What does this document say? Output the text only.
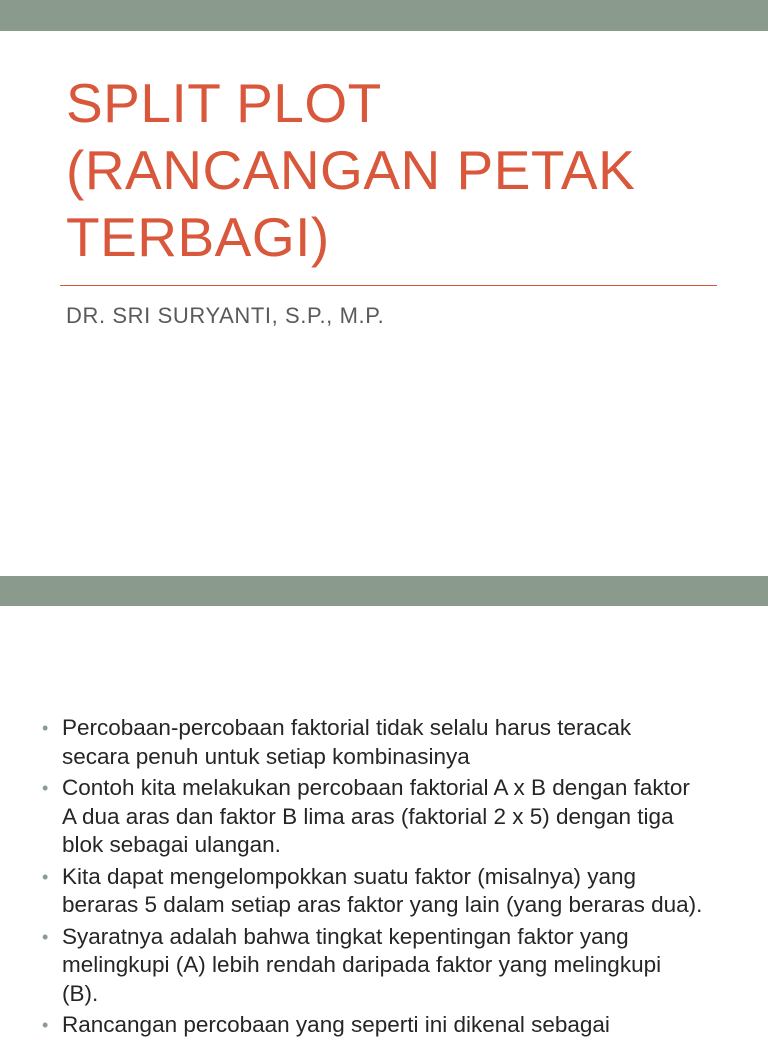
SPLIT PLOT
(RANCANGAN PETAK
TERBAGI)

DR. SRI SURYANTI, S.P., M.P.

• Percobaan-percobaan faktorial tidak selalu harus teracak
secara penuh untuk setiap kombinasinya
• Contoh kita melakukan percobaan faktorial A x B dengan faktor
A dua aras dan faktor B lima aras (faktorial 2 x 5) dengan tiga
blok sebagai ulangan.
• Kita dapat mengelompokkan suatu faktor (misalnya) yang
beraras 5 dalam setiap aras faktor yang lain (yang beraras dua).
• Syaratnya adalah bahwa tingkat kepentingan faktor yang
melingkupi (A) lebih rendah daripada faktor yang melingkupi
(B).
• Rancangan percobaan yang seperti ini dikenal sebagai
